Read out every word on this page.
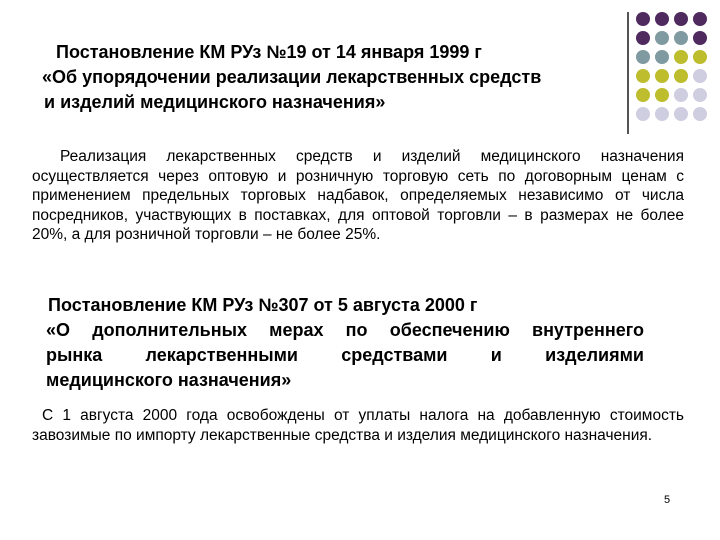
Постановление КМ РУз №19 от 14 января 1999 г
«Об упорядочении реализации лекарственных средств
и изделий медицинского назначения»
Реализация лекарственных средств и изделий медицинского назначения осуществляется через оптовую и розничную торговую сеть по договорным ценам с применением предельных торговых надбавок, определяемых независимо от числа посредников, участвующих в поставках, для оптовой торговли – в размерах не более 20%, а для розничной торговли – не более 25%.
Постановление КМ РУз №307 от 5 августа 2000 г
«О дополнительных мерах по обеспечению внутреннего
рынка лекарственными средствами и изделиями
медицинского назначения»
С 1 августа 2000 года освобождены от уплаты налога на добавленную стоимость завозимые по импорту лекарственные средства и изделия медицинского назначения.
5
